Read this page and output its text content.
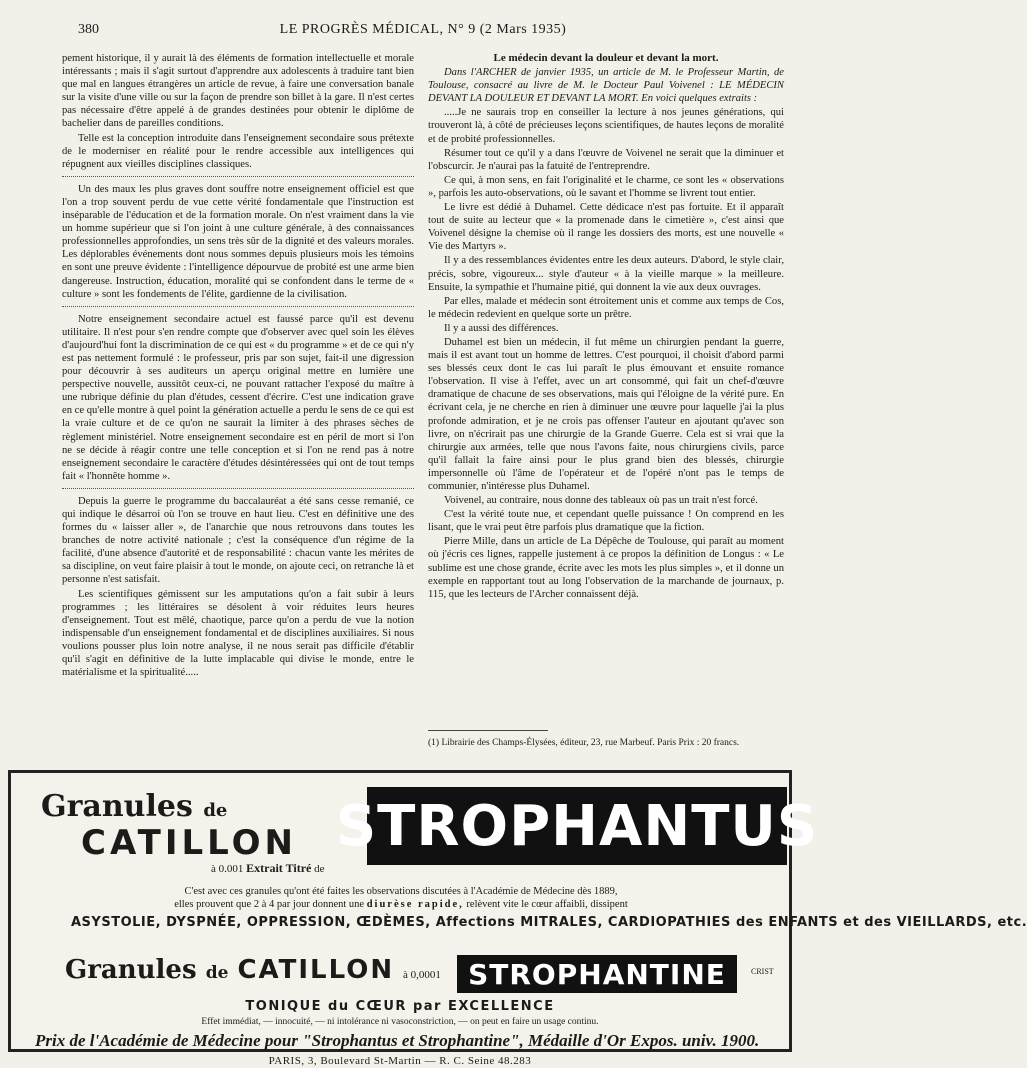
380	LE PROGRÈS MÉDICAL, N° 9 (2 Mars 1935)

pement historique, il y aurait là des éléments de formation intellectuelle et morale intéressants ; mais il s'agit surtout d'apprendre aux adolescents à traduire tant bien que mal en langues étrangères un article de revue, à faire une conversation banale sur la visite d'une ville ou sur la façon de prendre son billet à la gare. Il n'est certes pas nécessaire d'être appelé à de grandes destinées pour obtenir le diplôme de bachelier dans de pareilles conditions.

Telle est la conception introduite dans l'enseignement secondaire sous prétexte de le moderniser en réalité pour le rendre accessible aux intelligences qui répugnent aux vieilles disciplines classiques.

Un des maux les plus graves dont souffre notre enseignement officiel est que l'on a trop souvent perdu de vue cette vérité fondamentale que l'instruction est inséparable de l'éducation et de la formation morale. On n'est vraiment dans la vie un homme supérieur que si l'on joint à une culture générale, à des connaissances professionnelles approfondies, un sens très sûr de la dignité et des valeurs morales. Les déplorables événements dont nous sommes depuis plusieurs mois les témoins en sont une preuve évidente : l'intelligence dépourvue de probité est une arme bien dangereuse. Instruction, éducation, moralité qui se confondent dans le terme de « culture » sont les fondements de l'élite, gardienne de la civilisation.

Notre enseignement secondaire actuel est faussé parce qu'il est devenu utilitaire. Il n'est pour s'en rendre compte que d'observer avec quel soin les élèves d'aujourd'hui font la discrimination de ce qui est « du programme » et de ce qui n'y est pas nettement formulé : le professeur, pris par son sujet, fait-il une digression pour découvrir à ses auditeurs un aperçu original mettre en lumière une perspective nouvelle, aussitôt ceux-ci, ne pouvant rattacher l'exposé du maître à une rubrique définie du plan d'études, cessent d'écrire. C'est une indication grave en ce qu'elle montre à quel point la génération actuelle a perdu le sens de ce qui est la vraie culture et de ce qu'on ne saurait la limiter à des phrases sèches de règlement ministériel. Notre enseignement secondaire est en péril de mort si l'on ne se décide à réagir contre une telle conception et si l'on ne rend pas à notre enseignement secondaire le caractère d'études désintéressées qui ont de tout temps fait « l'honnête homme ».

Depuis la guerre le programme du baccalauréat a été sans cesse remanié, ce qui indique le désarroi où l'on se trouve en haut lieu. C'est en définitive une des formes du « laisser aller », de l'anarchie que nous retrouvons dans toutes les branches de notre activité nationale ; c'est la conséquence d'un régime de la facilité, d'une absence d'autorité et de responsabilité : chacun vante les mérites de sa discipline, on veut faire plaisir à tout le monde, on ajoute ceci, on retranche là et personne n'est satisfait.

Les scientifiques gémissent sur les amputations qu'on a fait subir à leurs programmes ; les littéraires se désolent à voir réduites leurs heures d'enseignement. Tout est mêlé, chaotique, parce qu'on a perdu de vue la notion indispensable d'un enseignement fondamental et de disciplines auxiliaires. Si nous voulions pousser plus loin notre analyse, il ne nous serait pas difficile d'établir qu'il s'agit en définitive de la lutte implacable qui divise le monde, entre le matérialisme et la spiritualité.....

Le médecin devant la douleur et devant la mort.

Dans l'ARCHER de janvier 1935, un article de M. le Professeur Martin, de Toulouse, consacré au livre de M. le Docteur Paul Voivenel : LE MÉDECIN DEVANT LA DOULEUR ET DEVANT LA MORT. En voici quelques extraits :

.....Je ne saurais trop en conseiller la lecture à nos jeunes générations, qui trouveront là, à côté de précieuses leçons scientifiques, de hautes leçons de moralité et de probité professionnelles.

Résumer tout ce qu'il y a dans l'œuvre de Voivenel ne serait que la diminuer et l'obscurcir. Je n'aurai pas la fatuité de l'entreprendre.

Ce qui, à mon sens, en fait l'originalité et le charme, ce sont les « observations », parfois les auto-observations, où le savant et l'homme se livrent tout entier.

Le livre est dédié à Duhamel. Cette dédicace n'est pas fortuite. Et il apparaît tout de suite au lecteur que « la promenade dans le cimetière », c'est ainsi que Voivenel désigne la chemise où il range les dossiers des morts, est une nouvelle « Vie des Martyrs ».

Il y a des ressemblances évidentes entre les deux auteurs. D'abord, le style clair, précis, sobre, vigoureux... style d'auteur « à la vieille marque » la meilleure. Ensuite, la sympathie et l'humaine pitié, qui donnent la vie aux deux ouvrages.

Par elles, malade et médecin sont étroitement unis et comme aux temps de Cos, le médecin redevient en quelque sorte un prêtre.

Il y a aussi des différences.

Duhamel est bien un médecin, il fut même un chirurgien pendant la guerre, mais il est avant tout un homme de lettres. C'est pourquoi, il choisit d'abord parmi ses blessés ceux dont le cas lui paraît le plus émouvant et ensuite romance l'observation. Il vise à l'effet, avec un art consommé, qui fait un chef-d'œuvre dramatique de chacune de ses observations, mais qui l'éloigne de la vérité pure. En écrivant cela, je ne cherche en rien à diminuer une œuvre pour laquelle j'ai la plus profonde admiration, et je ne crois pas offenser l'auteur en ajoutant qu'avec son livre, on n'écrirait pas une chirurgie de la Grande Guerre. Cela est si vrai que la chirurgie aux armées, telle que nous l'avons faite, nous chirurgiens civils, parce qu'il fallait la faire ainsi pour le plus grand bien des blessés, chirurgie impersonnelle où l'âme de l'opérateur et de l'opéré n'ont pas le temps de communier, n'intéresse plus Duhamel.

Voivenel, au contraire, nous donne des tableaux où pas un trait n'est forcé.

C'est la vérité toute nue, et cependant quelle puissance ! On comprend en les lisant, que le vrai peut être parfois plus dramatique que la fiction.

Pierre Mille, dans un article de La Dépêche de Toulouse, qui paraît au moment où j'écris ces lignes, rappelle justement à ce propos la définition de Longus : « Le sublime est une chose grande, écrite avec les mots les plus simples », et il donne un exemple en rapportant tout au long l'observation de la marchande de journaux, p. 115, que les lecteurs de l'Archer connaissent déjà.

(1) Librairie des Champs-Élysées, éditeur, 23, rue Marbeuf. Paris Prix : 20 francs.
Granules de
CATILLON
à 0.001 Extrait Titré de
STROPHANTUS
C'est avec ces granules qu'ont été faites les observations discutées à l'Académie de Médecine dès 1889,
elles prouvent que 2 à 4 par jour donnent une diurèse rapide, relèvent vite le cœur affaibli, dissipent
ASYSTOLIE, DYSPNÉE, OPPRESSION, ŒDÈMES, Affections MITRALES, CARDIOPATHIES des ENFANTS et des VIEILLARDS, etc.
Granules de CATILLON à 0,0001 STROPHANTINE	CRIST
TONIQUE du CŒUR par EXCELLENCE
Effet immédiat, — innocuité, — ni intolérance ni vasoconstriction, — on peut en faire un usage continu.
Prix de l'Académie de Médecine pour "Strophantus et Strophantine", Médaille d'Or Expos. univ. 1900.
PARIS, 3, Boulevard St-Martin — R. C. Seine 48.283
